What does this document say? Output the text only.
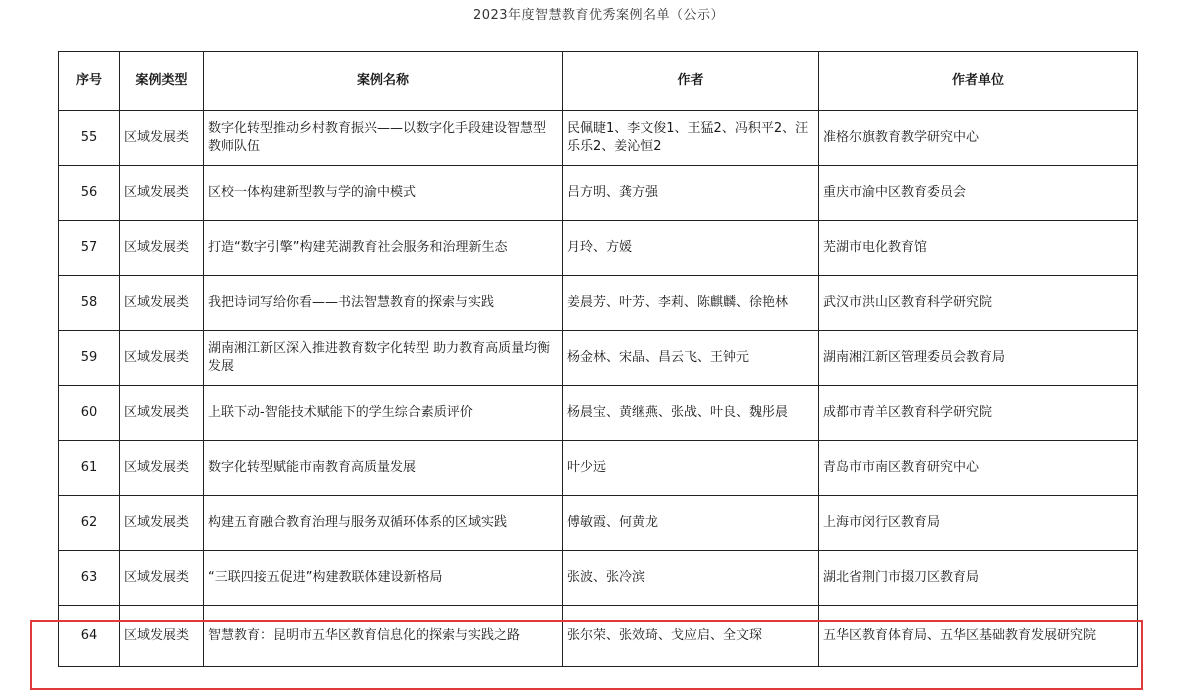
2023年度智慧教育优秀案例名单（公示）
序号	案例类型	案例名称	作者	作者单位
55	区域发展类	数字化转型推动乡村教育振兴——以数字化手段建设智慧型教师队伍	民佩睫1、李文俊1、王猛2、冯积平2、汪乐乐2、姜沁恒2	准格尔旗教育教学研究中心

56	区域发展类	区校一体构建新型教与学的渝中模式	吕方明、龚方强	重庆市渝中区教育委员会

57	区域发展类	打造“数字引擎”构建芜湖教育社会服务和治理新生态	月玲、方媛	芜湖市电化教育馆

58	区域发展类	我把诗词写给你看——书法智慧教育的探索与实践	姜晨芳、叶芳、李莉、陈麒麟、徐艳林	武汉市洪山区教育科学研究院

59	区域发展类	湖南湘江新区深入推进教育数字化转型 助力教育高质量均衡发展	杨金林、宋晶、昌云飞、王钟元	湖南湘江新区管理委员会教育局

60	区域发展类	上联下动-智能技术赋能下的学生综合素质评价	杨晨宝、黄继燕、张战、叶良、魏彤晨	成都市青羊区教育科学研究院

61	区域发展类	数字化转型赋能市南教育高质量发展	叶少远	青岛市市南区教育研究中心

62	区域发展类	构建五育融合教育治理与服务双循环体系的区域实践	傅敏霞、何黄龙	上海市闵行区教育局

63	区域发展类	“三联四接五促进”构建教联体建设新格局	张波、张冷滨	湖北省荆门市掇刀区教育局

64	区域发展类	智慧教育：昆明市五华区教育信息化的探索与实践之路	张尔荣、张效琦、戈应启、全文琛	五华区教育体育局、五华区基础教育发展研究院
